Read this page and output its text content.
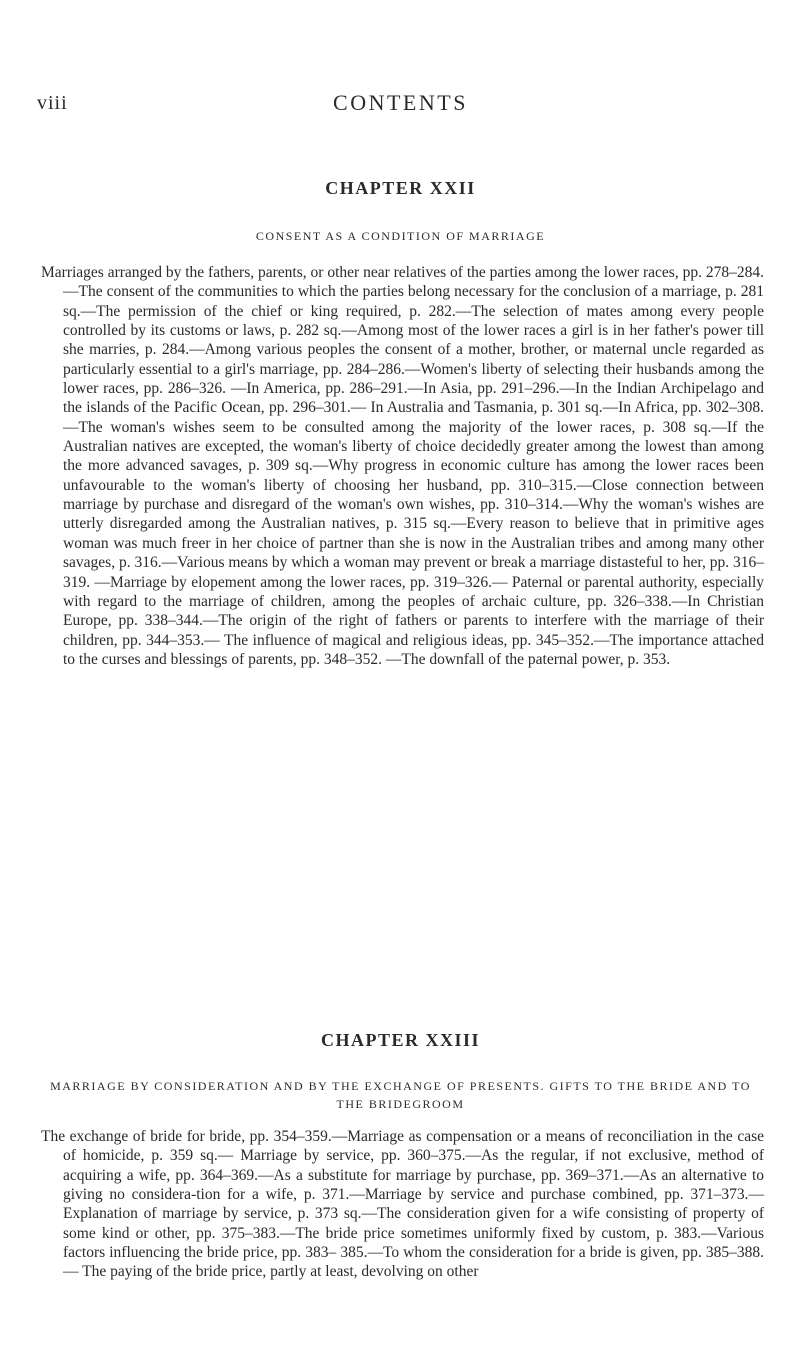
viii	CONTENTS
CHAPTER XXII

CONSENT AS A CONDITION OF MARRIAGE

Marriages arranged by the fathers, parents, or other near relatives of the parties among the lower races, pp. 278–284.—The consent of the communities to which the parties belong necessary for the conclusion of a marriage, p. 281 sq.—The permission of the chief or king required, p. 282.—The selection of mates among every people controlled by its customs or laws, p. 282 sq.—Among most of the lower races a girl is in her father's power till she marries, p. 284.—Among various peoples the consent of a mother, brother, or maternal uncle regarded as particularly essential to a girl's marriage, pp. 284–286.—Women's liberty of selecting their husbands among the lower races, pp. 286–326. —In America, pp. 286–291.—In Asia, pp. 291–296.—In the Indian Archipelago and the islands of the Pacific Ocean, pp. 296–301.— In Australia and Tasmania, p. 301 sq.—In Africa, pp. 302–308.—The woman's wishes seem to be consulted among the majority of the lower races, p. 308 sq.—If the Australian natives are excepted, the woman's liberty of choice decidedly greater among the lowest than among the more advanced savages, p. 309 sq.—Why progress in economic culture has among the lower races been unfavourable to the woman's liberty of choosing her husband, pp. 310–315.—Close connection between marriage by purchase and disregard of the woman's own wishes, pp. 310–314.—Why the woman's wishes are utterly disregarded among the Australian natives, p. 315 sq.—Every reason to believe that in primitive ages woman was much freer in her choice of partner than she is now in the Australian tribes and among many other savages, p. 316.—Various means by which a woman may prevent or break a marriage distasteful to her, pp. 316–319. —Marriage by elopement among the lower races, pp. 319–326.— Paternal or parental authority, especially with regard to the marriage of children, among the peoples of archaic culture, pp. 326–338.—In Christian Europe, pp. 338–344.—The origin of the right of fathers or parents to interfere with the marriage of their children, pp. 344–353.— The influence of magical and religious ideas, pp. 345–352.—The importance attached to the curses and blessings of parents, pp. 348–352. —The downfall of the paternal power, p. 353.

CHAPTER XXIII

MARRIAGE BY CONSIDERATION AND BY THE EXCHANGE OF PRESENTS. GIFTS TO THE BRIDE AND TO THE BRIDEGROOM

The exchange of bride for bride, pp. 354–359.—Marriage as compensation or a means of reconciliation in the case of homicide, p. 359 sq.— Marriage by service, pp. 360–375.—As the regular, if not exclusive, method of acquiring a wife, pp. 364–369.—As a substitute for marriage by purchase, pp. 369–371.—As an alternative to giving no considera-tion for a wife, p. 371.—Marriage by service and purchase combined, pp. 371–373.—Explanation of marriage by service, p. 373 sq.—The consideration given for a wife consisting of property of some kind or other, pp. 375–383.—The bride price sometimes uniformly fixed by custom, p. 383.—Various factors influencing the bride price, pp. 383– 385.—To whom the consideration for a bride is given, pp. 385–388.— The paying of the bride price, partly at least, devolving on other
